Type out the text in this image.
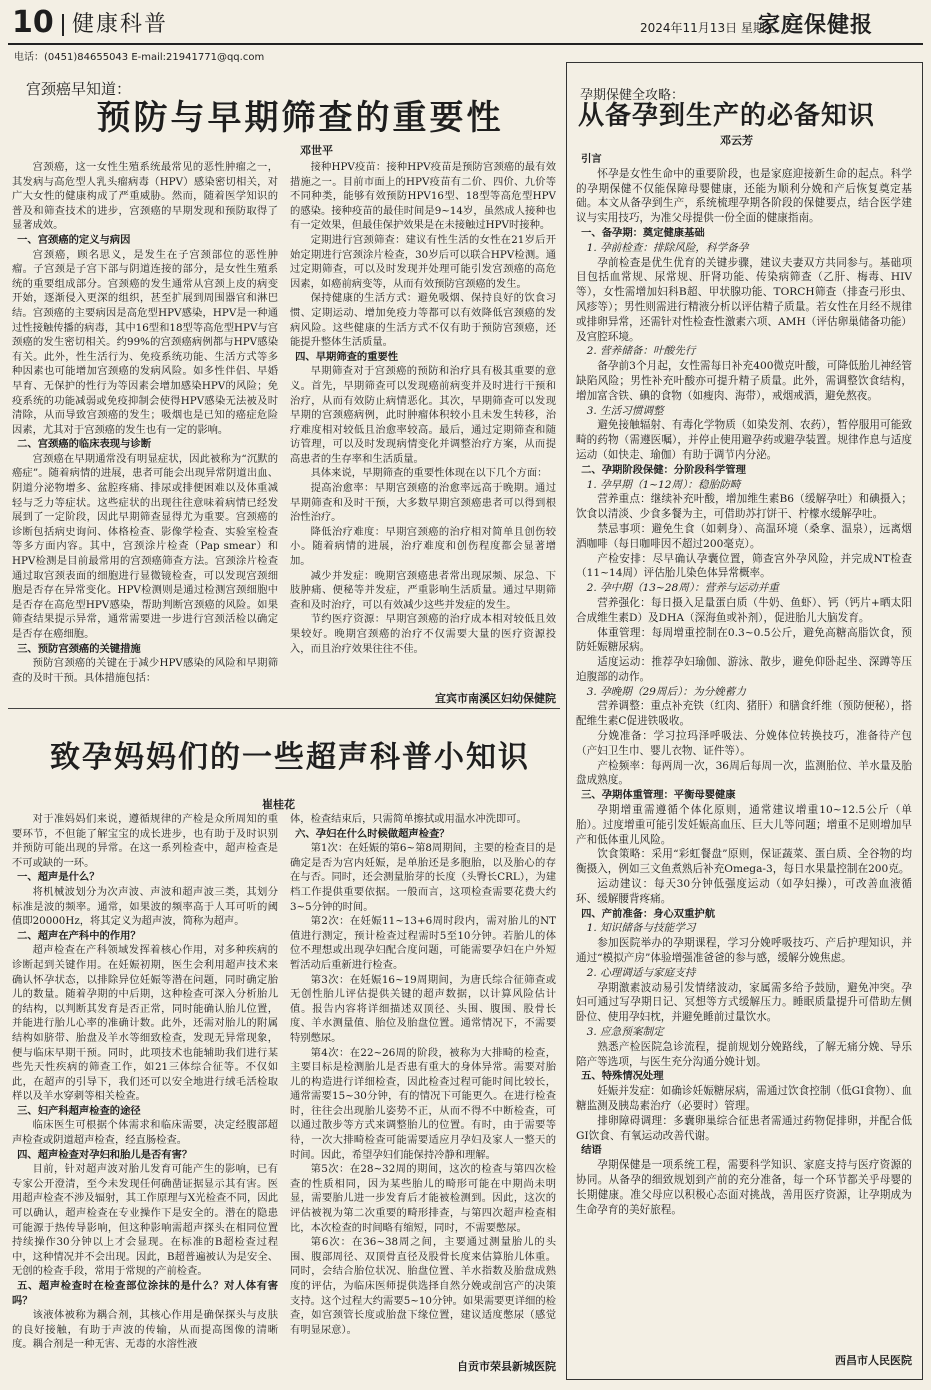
10 健康科普	2024年11月13日 星期三
家庭保健报
电话：(0451)84655043 E-mail:21941771@qq.com
宫颈癌早知道：
预防与早期筛查的重要性
邓世平

宫颈癌，这一女性生殖系统最常见的恶性肿瘤之一，其发病与高危型人乳头瘤病毒（HPV）感染密切相关，对广大女性的健康构成了严重威胁。然而，随着医学知识的普及和筛查技术的进步，宫颈癌的早期发现和预防取得了显著成效。

一、宫颈癌的定义与病因

宫颈癌，顾名思义，是发生在子宫颈部位的恶性肿瘤。子宫颈是子宫下部与阴道连接的部分，是女性生殖系统的重要组成部分。宫颈癌的发生通常从宫颈上皮的病变开始，逐渐侵入更深的组织，甚至扩展到周围器官和淋巴结。宫颈癌的主要病因是高危型HPV感染，HPV是一种通过性接触传播的病毒，其中16型和18型等高危型HPV与宫颈癌的发生密切相关。约99%的宫颈癌病例都与HPV感染有关。此外，性生活行为、免疫系统功能、生活方式等多种因素也可能增加宫颈癌的发病风险。如多性伴侣、早婚早育、无保护的性行为等因素会增加感染HPV的风险；免疫系统的功能减弱或免疫抑制会使得HPV感染无法被及时清除，从而导致宫颈癌的发生；吸烟也是已知的癌症危险因素，尤其对于宫颈癌的发生也有一定的影响。

二、宫颈癌的临床表现与诊断

宫颈癌在早期通常没有明显症状，因此被称为“沉默的癌症”。随着病情的进展，患者可能会出现异常阴道出血、阴道分泌物增多、盆腔疼痛、排尿或排便困难以及体重减轻与乏力等症状。这些症状的出现往往意味着病情已经发展到了一定阶段，因此早期筛查显得尤为重要。宫颈癌的诊断包括病史询问、体格检查、影像学检查、实验室检查等多方面内容。其中，宫颈涂片检查（Pap smear）和HPV检测是目前最常用的宫颈癌筛查方法。宫颈涂片检查通过取宫颈表面的细胞进行显微镜检查，可以发现宫颈细胞是否存在异常变化。HPV检测则是通过检测宫颈细胞中是否存在高危型HPV感染，帮助判断宫颈癌的风险。如果筛查结果提示异常，通常需要进一步进行宫颈活检以确定是否存在癌细胞。

三、预防宫颈癌的关键措施

预防宫颈癌的关键在于减少HPV感染的风险和早期筛查的及时干预。具体措施包括：

接种HPV疫苗：接种HPV疫苗是预防宫颈癌的最有效措施之一。目前市面上的HPV疫苗有二价、四价、九价等不同种类，能够有效预防HPV16型、18型等高危型HPV的感染。接种疫苗的最佳时间是9~14岁，虽然成人接种也有一定效果，但最佳保护效果是在未接触过HPV时接种。

定期进行宫颈筛查：建议有性生活的女性在21岁后开始定期进行宫颈涂片检查，30岁后可以联合HPV检测。通过定期筛查，可以及时发现并处理可能引发宫颈癌的高危因素，如癌前病变等，从而有效预防宫颈癌的发生。

保持健康的生活方式：避免吸烟、保持良好的饮食习惯、定期运动、增加免疫力等都可以有效降低宫颈癌的发病风险。这些健康的生活方式不仅有助于预防宫颈癌，还能提升整体生活质量。

四、早期筛查的重要性

早期筛查对于宫颈癌的预防和治疗具有极其重要的意义。首先，早期筛查可以发现癌前病变并及时进行干预和治疗，从而有效防止病情恶化。其次，早期筛查可以发现早期的宫颈癌病例，此时肿瘤体积较小且未发生转移，治疗难度相对较低且治愈率较高。最后，通过定期筛查和随访管理，可以及时发现病情变化并调整治疗方案，从而提高患者的生存率和生活质量。

具体来说，早期筛查的重要性体现在以下几个方面：

提高治愈率：早期宫颈癌的治愈率远高于晚期。通过早期筛查和及时干预，大多数早期宫颈癌患者可以得到根治性治疗。

降低治疗难度：早期宫颈癌的治疗相对简单且创伤较小。随着病情的进展，治疗难度和创伤程度都会显著增加。

减少并发症：晚期宫颈癌患者常出现尿频、尿急、下肢肿痛、便秘等并发症，严重影响生活质量。通过早期筛查和及时治疗，可以有效减少这些并发症的发生。

节约医疗资源：早期宫颈癌的治疗成本相对较低且效果较好。晚期宫颈癌的治疗不仅需要大量的医疗资源投入，而且治疗效果往往不佳。

宜宾市南溪区妇幼保健院
致孕妈妈们的一些超声科普小知识
崔桂花

对于准妈妈们来说，遵循规律的产检是众所周知的重要环节，不但能了解宝宝的成长进步，也有助于及时识别并预防可能出现的异常。在这一系列检查中，超声检查是不可或缺的一环。

一、超声是什么？

将机械波划分为次声波、声波和超声波三类，其划分标准是波的频率。通常，如果波的频率高于人耳可听的阈值即20000Hz，将其定义为超声波，简称为超声。

二、超声在产科中的作用？

超声检查在产科领域发挥着核心作用，对多种疾病的诊断起到关键作用。在妊娠初期，医生会利用超声技术来确认怀孕状态，以排除异位妊娠等潜在问题，同时确定胎儿的数量。随着孕期的中后期，这种检查可深入分析胎儿的结构，以判断其发育是否正常，同时能确认胎儿位置，并能进行胎儿心率的准确计数。此外，还需对胎儿的附属结构如脐带、胎盘及羊水等细致检查，发现无异常现象，便与临床早期干预。同时，此项技术也能辅助我们进行某些先天性疾病的筛查工作，如21三体综合征等。不仅如此，在超声的引导下，我们还可以安全地进行绒毛活检取样以及羊水穿刺等相关检查。

三、妇产科超声检查的途径

临床医生可根据个体需求和临床需要，决定经腹部超声检查或阴道超声检查，经直肠检查。

四、超声检查对孕妇和胎儿是否有害？

目前，针对超声波对胎儿发育可能产生的影响，已有专家公开澄清，至今未发现任何确凿证据显示其有害。医用超声检查不涉及辐射，其工作原理与X光检查不同，因此可以确认，超声检查在专业操作下是安全的。潜在的隐患可能源于热传导影响，但这种影响需超声探头在相同位置持续操作30分钟以上才会显现。在标准的B超检查过程中，这种情况并不会出现。因此，B超普遍被认为是安全、无创的检查手段，常用于常规的产前检查。

五、超声检查时在检查部位涂抹的是什么？对人体有害吗？

该液体被称为耦合剂，其核心作用是确保探头与皮肤的良好接触，有助于声波的传输，从而提高图像的清晰度。耦合剂是一种无害、无毒的水溶性液

体，检查结束后，只需简单擦拭或用温水冲洗即可。

六、孕妇在什么时候做超声检查？

第1次：在妊娠的第6~第8周期间，主要的检查目的是确定是否为宫内妊娠，是单胎还是多胞胎，以及胎心的存在与否。同时，还会测量胎芽的长度（头臀长CRL），为建档工作提供重要依据。一般而言，这项检查需要花费大约3~5分钟的时间。

第2次：在妊娠11~13+6周时段内，需对胎儿的NT值进行测定，预计检查过程需时5至10分钟。若胎儿的体位不理想或出现孕妇配合度问题，可能需要孕妇在户外短暂活动后重新进行检查。

第3次：在妊娠16~19周期间，为唐氏综合征筛查或无创性胎儿评估提供关键的超声数据，以计算风险估计值。报告内容将详细描述双顶径、头围、腹围、股骨长度、羊水测量值、胎位及胎盘位置。通常情况下，不需要特别憋尿。

第4次：在22~26周的阶段，被称为大排畸的检查，主要目标是检测胎儿是否患有重大的身体异常。需要对胎儿的构造进行详细检查，因此检查过程可能时间比较长，通常需要15~30分钟，有的情况下可能更久。在进行检查时，往往会出现胎儿姿势不正，从而不得不中断检查，可以通过散步等方式来调整胎儿的位置。有时，由于需要等待，一次大排畸检查可能需要适应月孕妇及家人一整天的时间。因此，希望孕妇们能保持冷静和理解。

第5次：在28~32周的期间，这次的检查与第四次检查的性质相同，因为某些胎儿的畸形可能在中期尚未明显，需要胎儿进一步发育后才能被检测到。因此，这次的评估被视为第二次重要的畸形排查，与第四次超声检查相比，本次检查的时间略有缩短，同时，不需要憋尿。

第6次：在36~38周之间，主要通过测量胎儿的头围、腹部周径、双顶骨直径及股骨长度来估算胎儿体重。同时，会结合胎位状况、胎盘位置、羊水指数及胎盘成熟度的评估，为临床医师提供选择自然分娩或剖宫产的决策支持。这个过程大约需要5~10分钟。如果需要更详细的检查，如宫颈管长度或胎盘下缘位置，建议适度憋尿（感觉有明显尿意）。

自贡市荣县新城医院
孕期保健全攻略：
从备孕到生产的必备知识
邓云芳
引言

怀孕是女性生命中的重要阶段，也是家庭迎接新生命的起点。科学的孕期保健不仅能保障母婴健康，还能为顺利分娩和产后恢复奠定基础。本文从备孕到生产，系统梳理孕期各阶段的保健要点，结合医学建议与实用技巧，为准父母提供一份全面的健康指南。

一、备孕期：奠定健康基础

1. 孕前检查：排除风险，科学备孕

孕前检查是优生优育的关键步骤，建议夫妻双方共同参与。基础项目包括血常规、尿常规、肝肾功能、传染病筛查（乙肝、梅毒、HIV等），女性需增加妇科B超、甲状腺功能、TORCH筛查（排查弓形虫、风疹等）；男性则需进行精液分析以评估精子质量。若女性在月经不规律或排卵异常，还需针对性检查性激素六项、AMH（评估卵巢储备功能）及宫腔环境。

2. 营养储备：叶酸先行

备孕前3个月起，女性需每日补充400微克叶酸，可降低胎儿神经管缺陷风险；男性补充叶酸亦可提升精子质量。此外，需调整饮食结构，增加富含铁、碘的食物（如瘦肉、海带），戒烟戒酒，避免熬夜。

3. 生活习惯调整

避免接触辐射、有毒化学物质（如染发剂、农药），暂停服用可能致畸的药物（需遵医嘱），并停止使用避孕药或避孕装置。规律作息与适度运动（如快走、瑜伽）有助于调节内分泌。

二、孕期阶段保健：分阶段科学管理

1. 孕早期（1~12周）：稳胎防畸

营养重点：继续补充叶酸，增加维生素B6（缓解孕吐）和碘摄入；饮食以清淡、少食多餐为主，可借助苏打饼干、柠檬水缓解孕吐。

禁忌事项：避免生食（如刺身）、高温环境（桑拿、温泉），远离烟酒咖啡（每日咖啡因不超过200毫克）。

产检安排：尽早确认孕囊位置，筛查宫外孕风险，并完成NT检查（11~14周）评估胎儿染色体异常概率。

2. 孕中期（13~28周）：营养与运动并重

营养强化：每日摄入足量蛋白质（牛奶、鱼虾）、钙（钙片+晒太阳合成维生素D）及DHA（深海鱼或补剂），促进胎儿大脑发育。

体重管理：每周增重控制在0.3~0.5公斤，避免高糖高脂饮食，预防妊娠糖尿病。

适度运动：推荐孕妇瑜伽、游泳、散步，避免仰卧起坐、深蹲等压迫腹部的动作。

3. 孕晚期（29周后）：为分娩蓄力

营养调整：重点补充铁（红肉、猪肝）和膳食纤维（预防便秘），搭配维生素C促进铁吸收。

分娩准备：学习拉玛泽呼吸法、分娩体位转换技巧，准备待产包（产妇卫生巾、婴儿衣物、证件等）。

产检频率：每两周一次，36周后每周一次，监测胎位、羊水量及胎盘成熟度。

三、孕期体重管理：平衡母婴健康

孕期增重需遵循个体化原则，通常建议增重10~12.5公斤（单胎）。过度增重可能引发妊娠高血压、巨大儿等问题；增重不足则增加早产和低体重儿风险。

饮食策略：采用“彩虹餐盘”原则，保证蔬菜、蛋白质、全谷物的均衡摄入，例如三文鱼煮熟后补充Omega-3，每日水果量控制在200克。

运动建议：每天30分钟低强度运动（如孕妇操），可改善血液循环、缓解腰背疼痛。

四、产前准备：身心双重护航

1. 知识储备与技能学习

参加医院举办的孕期课程，学习分娩呼吸技巧、产后护理知识，并通过“模拟产房”体验增强准爸爸的参与感，缓解分娩焦虑。

2. 心理调适与家庭支持

孕期激素波动易引发情绪波动，家属需多给予鼓励，避免冲突。孕妇可通过写孕期日记、冥想等方式缓解压力。睡眠质量提升可借助左侧卧位、使用孕妇枕，并避免睡前过量饮水。

3. 应急预案制定

熟悉产检医院急诊流程，提前规划分娩路线，了解无痛分娩、导乐陪产等选项，与医生充分沟通分娩计划。

五、特殊情况处理

妊娠并发症：如确诊妊娠糖尿病，需通过饮食控制（低GI食物）、血糖监测及胰岛素治疗（必要时）管理。

排卵障碍调理：多囊卵巢综合征患者需通过药物促排卵，并配合低GI饮食、有氧运动改善代谢。

结语

孕期保健是一项系统工程，需要科学知识、家庭支持与医疗资源的协同。从备孕的细致规划到产前的充分准备，每一个环节都关乎母婴的长期健康。准父母应以积极心态面对挑战，善用医疗资源，让孕期成为生命孕育的美好旅程。

西昌市人民医院
